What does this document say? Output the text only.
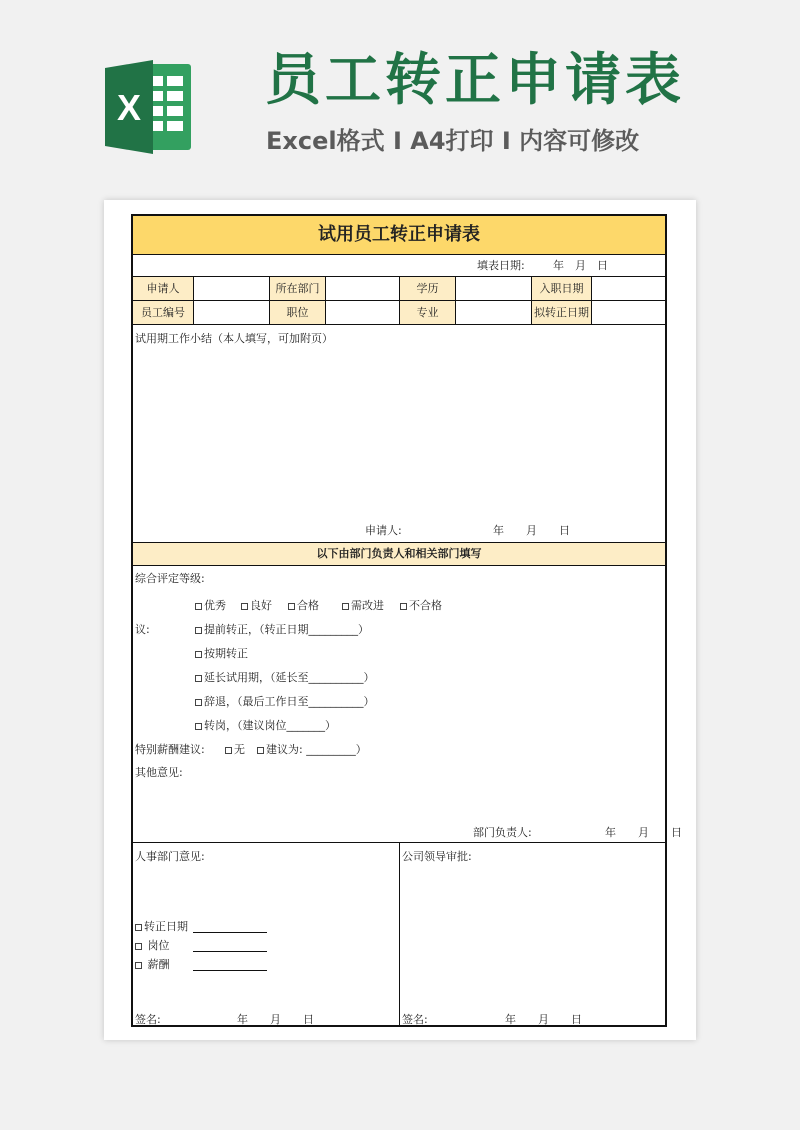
X 员工转正申请表
Excel格式 I A4打印 I 内容可修改
试用员工转正申请表
填表日期:	年　月　日
申请人	所在部门	学历	入职日期
员工编号	职位	专业	拟转正日期
试用期工作小结（本人填写，可加附页）
申请人:	年　　月　　日
以下由部门负责人和相关部门填写
综合评定等级:
优秀	良好	合格	需改进	不合格
议:	提前转正，（转正日期_________）
按期转正
延长试用期，（延长至__________）
辞退，（最后工作日至__________）
转岗，（建议岗位_______）
特别薪酬建议:	无	建议为: _________）
其他意见:
部门负责人:	年　　月　　日
人事部门意见:
转正日期
岗位
薪酬
签名:	年　　月　　日
公司领导审批:
签名:	年　　月　　日
